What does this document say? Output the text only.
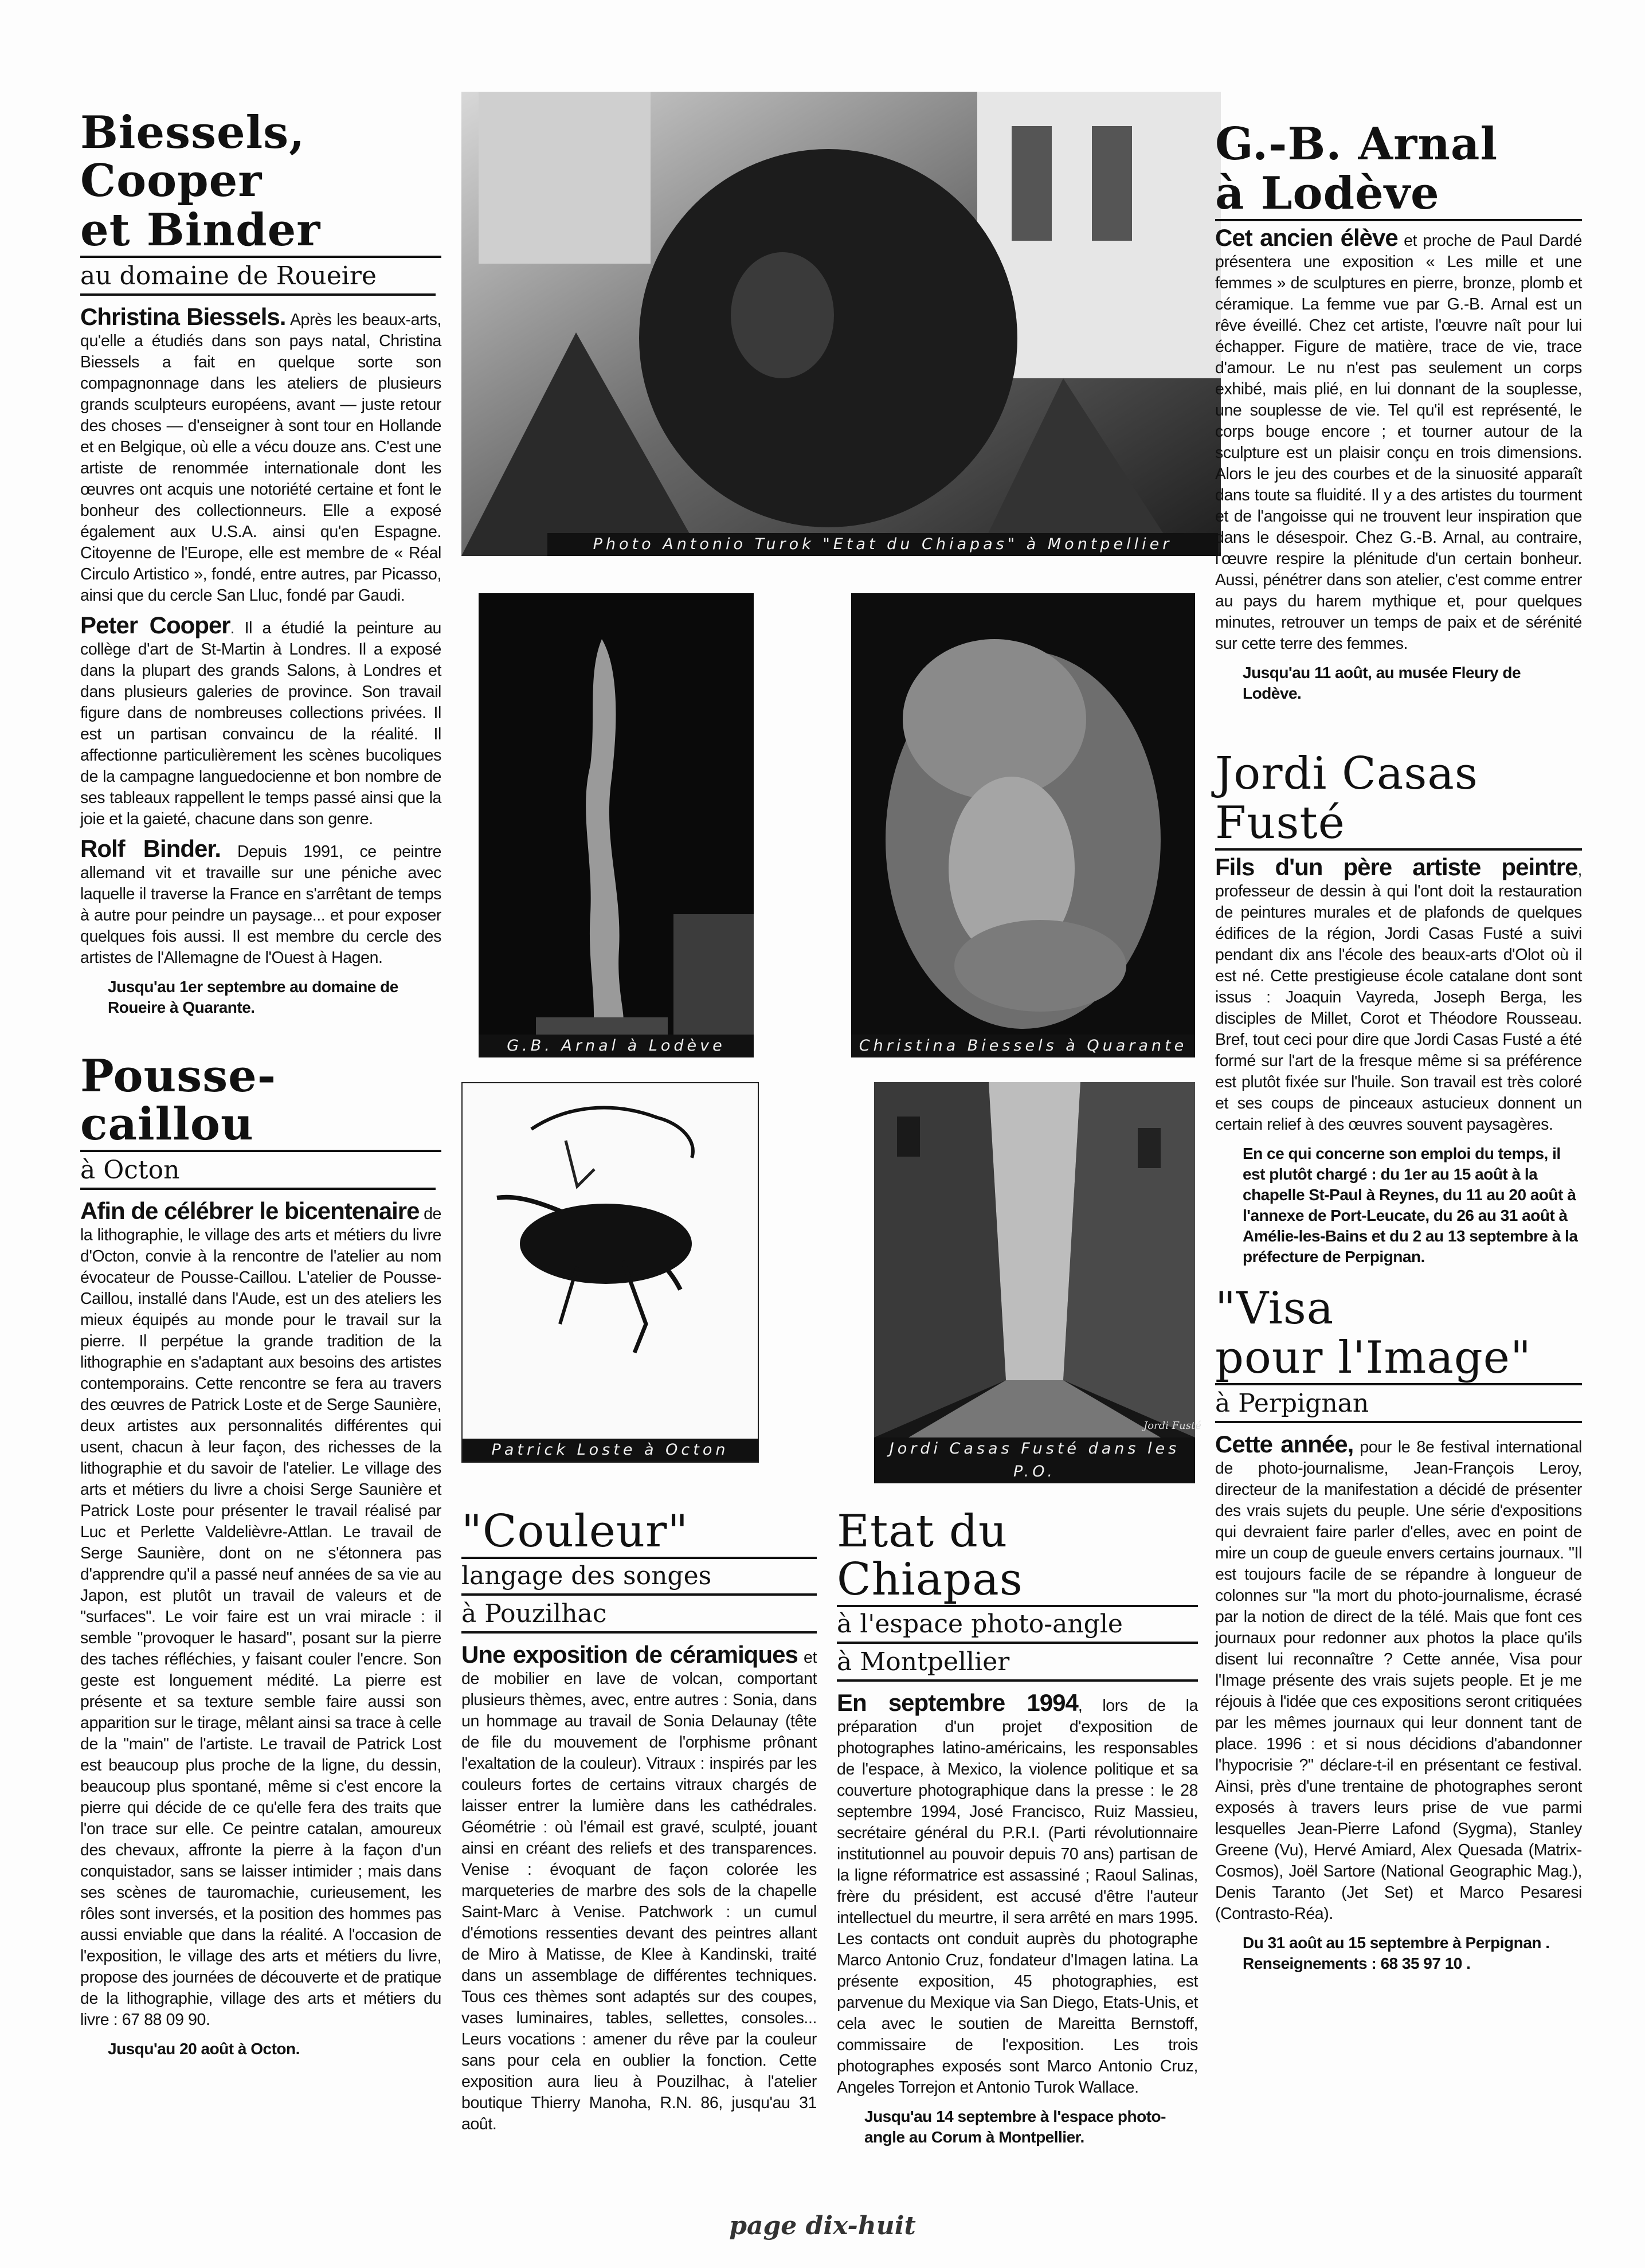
Biessels, Cooper
et Binder
au domaine de Roueire

Christina Biessels. Après les beaux-arts, qu'elle a étudiés dans son pays natal, Christina Biessels a fait en quelque sorte son compagnonnage dans les ateliers de plusieurs grands sculpteurs européens, avant — juste retour des choses — d'enseigner à sont tour en Hollande et en Belgique, où elle a vécu douze ans. C'est une artiste de renommée internationale dont les œuvres ont acquis une notoriété certaine et font le bonheur des collectionneurs. Elle a exposé également aux U.S.A. ainsi qu'en Espagne. Citoyenne de l'Europe, elle est membre de « Réal Circulo Artistico », fondé, entre autres, par Picasso, ainsi que du cercle San Lluc, fondé par Gaudi.

Peter Cooper. Il a étudié la peinture au collège d'art de St-Martin à Londres. Il a exposé dans la plupart des grands Salons, à Londres et dans plusieurs galeries de province. Son travail figure dans de nombreuses collections privées. Il est un partisan convaincu de la réalité. Il affectionne particulièrement les scènes bucoliques de la campagne languedocienne et bon nombre de ses tableaux rappellent le temps passé ainsi que la joie et la gaieté, chacune dans son genre.

Rolf Binder. Depuis 1991, ce peintre allemand vit et travaille sur une péniche avec laquelle il traverse la France en s'arrêtant de temps à autre pour peindre un paysage... et pour exposer quelques fois aussi. Il est membre du cercle des artistes de l'Allemagne de l'Ouest à Hagen.

Jusqu'au 1er septembre au domaine de Roueire à Quarante.

Pousse-caillou
à Octon

Afin de célébrer le bicentenaire de la lithographie, le village des arts et métiers du livre d'Octon, convie à la rencontre de l'atelier au nom évocateur de Pousse-Caillou. L'atelier de Pousse-Caillou, installé dans l'Aude, est un des ateliers les mieux équipés au monde pour le travail sur la pierre. Il perpétue la grande tradition de la lithographie en s'adaptant aux besoins des artistes contemporains. Cette rencontre se fera au travers des œuvres de Patrick Loste et de Serge Saunière, deux artistes aux personnalités différentes qui usent, chacun à leur façon, des richesses de la lithographie et du savoir de l'atelier. Le village des arts et métiers du livre a choisi Serge Saunière et Patrick Loste pour présenter le travail réalisé par Luc et Perlette Valdelièvre-Attlan. Le travail de Serge Saunière, dont on ne s'étonnera pas d'apprendre qu'il a passé neuf années de sa vie au Japon, est plutôt un travail de valeurs et de "surfaces". Le voir faire est un vrai miracle : il semble "provoquer le hasard", posant sur la pierre des taches réfléchies, y faisant couler l'encre. Son geste est longuement médité. La pierre est présente et sa texture semble faire aussi son apparition sur le tirage, mêlant ainsi sa trace à celle de la "main" de l'artiste. Le travail de Patrick Lost est beaucoup plus proche de la ligne, du dessin, beaucoup plus spontané, même si c'est encore la pierre qui décide de ce qu'elle fera des traits que l'on trace sur elle. Ce peintre catalan, amoureux des chevaux, affronte la pierre à la façon d'un conquistador, sans se laisser intimider ; mais dans ses scènes de tauromachie, curieusement, les rôles sont inversés, et la position des hommes pas aussi enviable que dans la réalité. A l'occasion de l'exposition, le village des arts et métiers du livre, propose des journées de découverte et de pratique de la lithographie, village des arts et métiers du livre : 67 88 09 90.

Jusqu'au 20 août à Octon.

Photo Antonio Turok "Etat du Chiapas" à Montpellier
G.B. Arnal à Lodève	Christina Biessels à Quarante
Patrick Loste à Octon
Jordi Fusté
Jordi Casas Fusté dans les P.O.
"Couleur"
langage des songes
à Pouzilhac

Une exposition de céramiques et de mobilier en lave de volcan, comportant plusieurs thèmes, avec, entre autres : Sonia, dans un hommage au travail de Sonia Delaunay (tête de file du mouvement de l'orphisme prônant l'exaltation de la couleur). Vitraux : inspirés par les couleurs fortes de certains vitraux chargés de laisser entrer la lumière dans les cathédrales. Géométrie : où l'émail est gravé, sculpté, jouant ainsi en créant des reliefs et des transparences. Venise : évoquant de façon colorée les marqueteries de marbre des sols de la chapelle Saint-Marc à Venise. Patchwork : un cumul d'émotions ressenties devant des peintres allant de Miro à Matisse, de Klee à Kandinski, traité dans un assemblage de différentes techniques. Tous ces thèmes sont adaptés sur des coupes, vases luminaires, tables, sellettes, consoles... Leurs vocations : amener du rêve par la couleur sans pour cela en oublier la fonction. Cette exposition aura lieu à Pouzilhac, à l'atelier boutique Thierry Manoha, R.N. 86, jusqu'au 31 août.

Etat du Chiapas
à l'espace photo-angle
à Montpellier

En septembre 1994, lors de la préparation d'un projet d'exposition de photographes latino-américains, les responsables de l'espace, à Mexico, la violence politique et sa couverture photographique dans la presse : le 28 septembre 1994, José Francisco, Ruiz Massieu, secrétaire général du P.R.I. (Parti révolutionnaire institutionnel au pouvoir depuis 70 ans) partisan de la ligne réformatrice est assassiné ; Raoul Salinas, frère du président, est accusé d'être l'auteur intellectuel du meurtre, il sera arrêté en mars 1995. Les contacts ont conduit auprès du photographe Marco Antonio Cruz, fondateur d'Imagen latina. La présente exposition, 45 photographies, est parvenue du Mexique via San Diego, Etats-Unis, et cela avec le soutien de Mareitta Bernstoff, commissaire de l'exposition. Les trois photographes exposés sont Marco Antonio Cruz, Angeles Torrejon et Antonio Turok Wallace.

Jusqu'au 14 septembre à l'espace photo-angle au Corum à Montpellier.

G.-B. Arnal
à Lodève

Cet ancien élève et proche de Paul Dardé présentera une exposition « Les mille et une femmes » de sculptures en pierre, bronze, plomb et céramique. La femme vue par G.-B. Arnal est un rêve éveillé. Chez cet artiste, l'œuvre naît pour lui échapper. Figure de matière, trace de vie, trace d'amour. Le nu n'est pas seulement un corps exhibé, mais plié, en lui donnant de la souplesse, une souplesse de vie. Tel qu'il est représenté, le corps bouge encore ; et tourner autour de la sculpture est un plaisir conçu en trois dimensions. Alors le jeu des courbes et de la sinuosité apparaît dans toute sa fluidité. Il y a des artistes du tourment et de l'angoisse qui ne trouvent leur inspiration que dans le désespoir. Chez G.-B. Arnal, au contraire, l'œuvre respire la plénitude d'un certain bonheur. Aussi, pénétrer dans son atelier, c'est comme entrer au pays du harem mythique et, pour quelques minutes, retrouver un temps de paix et de sérénité sur cette terre des femmes.

Jusqu'au 11 août, au musée Fleury de Lodève.

Jordi Casas
Fusté

Fils d'un père artiste peintre, professeur de dessin à qui l'ont doit la restauration de peintures murales et de plafonds de quelques édifices de la région, Jordi Casas Fusté a suivi pendant dix ans l'école des beaux-arts d'Olot où il est né. Cette prestigieuse école catalane dont sont issus : Joaquin Vayreda, Joseph Berga, les disciples de Millet, Corot et Théodore Rousseau. Bref, tout ceci pour dire que Jordi Casas Fusté a été formé sur l'art de la fresque même si sa préférence est plutôt fixée sur l'huile. Son travail est très coloré et ses coups de pinceaux astucieux donnent un certain relief à des œuvres souvent paysagères.

En ce qui concerne son emploi du temps, il est plutôt chargé : du 1er au 15 août à la chapelle St-Paul à Reynes, du 11 au 20 août à l'annexe de Port-Leucate, du 26 au 31 août à Amélie-les-Bains et du 2 au 13 septembre à la préfecture de Perpignan.

"Visa
pour l'Image"
à Perpignan

Cette année, pour le 8e festival international de photo-journalisme, Jean-François Leroy, directeur de la manifestation a décidé de présenter des vrais sujets du peuple. Une série d'expositions qui devraient faire parler d'elles, avec en point de mire un coup de gueule envers certains journaux. "Il est toujours facile de se répandre à longueur de colonnes sur "la mort du photo-journalisme, écrasé par la notion de direct de la télé. Mais que font ces journaux pour redonner aux photos la place qu'ils disent lui reconnaître ? Cette année, Visa pour l'Image présente des vrais sujets people. Et je me réjouis à l'idée que ces expositions seront critiquées par les mêmes journaux qui leur donnent tant de place. 1996 : et si nous décidions d'abandonner l'hypocrisie ?" déclare-t-il en présentant ce festival. Ainsi, près d'une trentaine de photographes seront exposés à travers leurs prise de vue parmi lesquelles Jean-Pierre Lafond (Sygma), Stanley Greene (Vu), Hervé Amiard, Alex Quesada (Matrix-Cosmos), Joël Sartore (National Geographic Mag.), Denis Taranto (Jet Set) et Marco Pesaresi (Contrasto-Réa).

Du 31 août au 15 septembre à Perpignan .

Renseignements : 68 35 97 10 .

page dix-huit
